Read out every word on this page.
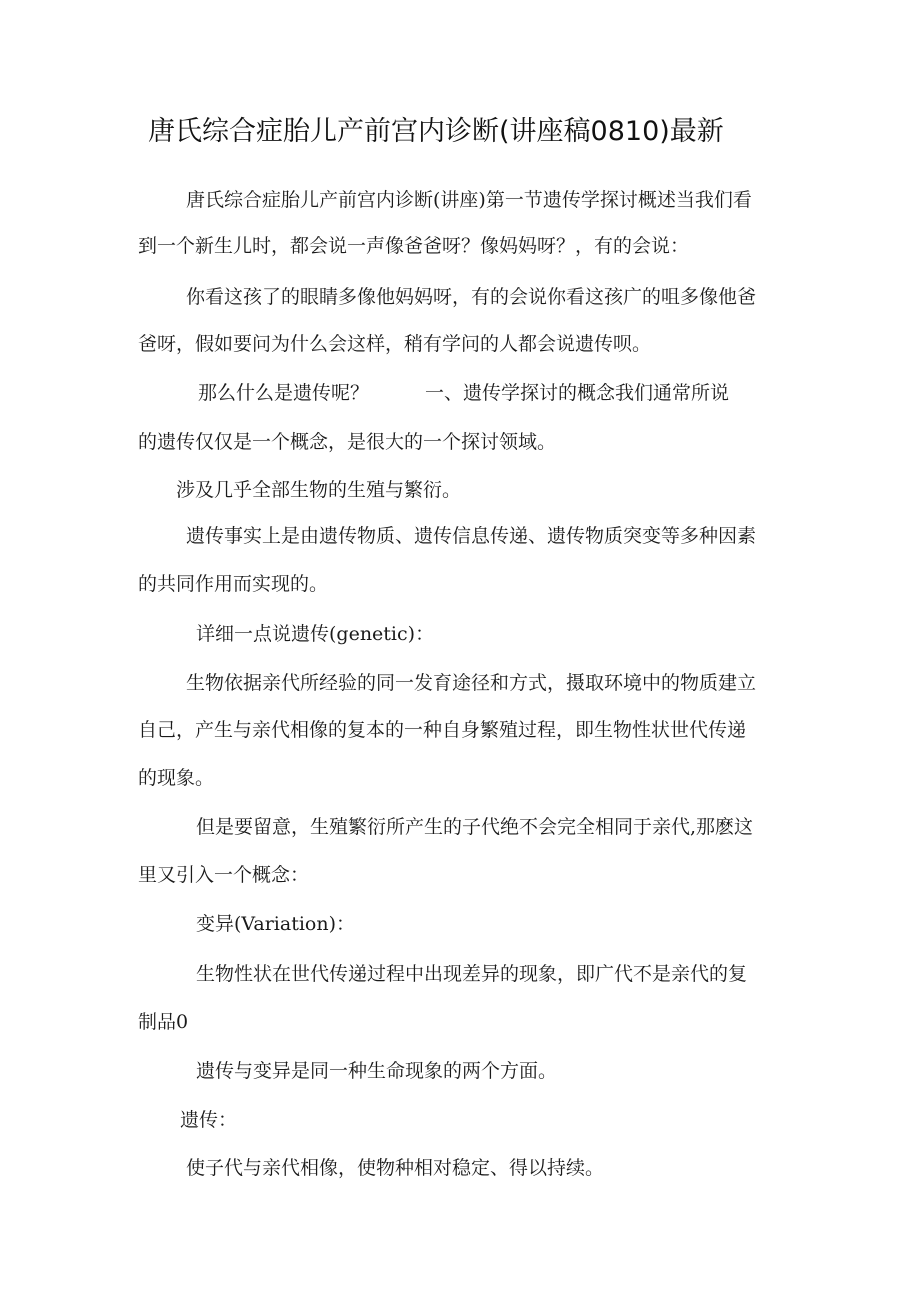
唐氏综合症胎儿产前宫内诊断(讲座稿0810)最新
唐氏综合症胎儿产前宫内诊断(讲座)第一节遗传学探讨概述当我们看
到一个新生儿时，都会说一声像爸爸呀？像妈妈呀？，有的会说：
你看这孩了的眼睛多像他妈妈呀，有的会说你看这孩广的咀多像他爸
爸呀，假如要问为什么会这样，稍有学问的人都会说遗传呗。
那么什么是遗传呢？	一、遗传学探讨的概念我们通常所说
的遗传仅仅是一个概念，是很大的一个探讨领域。
涉及几乎全部生物的生殖与繁衍。
遗传事实上是由遗传物质、遗传信息传递、遗传物质突变等多种因素
的共同作用而实现的。
详细一点说遗传(genetic)：
生物依据亲代所经验的同一发育途径和方式，摄取环境中的物质建立
自己，产生与亲代相像的复本的一种自身繁殖过程，即生物性状世代传递
的现象。
但是要留意，生殖繁衍所产生的子代绝不会完全相同于亲代,那麽这
里又引入一个概念：
变异(Variation)：
生物性状在世代传递过程中出现差异的现象，即广代不是亲代的复
制品0
遗传与变异是同一种生命现象的两个方面。
遗传：
使子代与亲代相像，使物种相对稳定、得以持续。
